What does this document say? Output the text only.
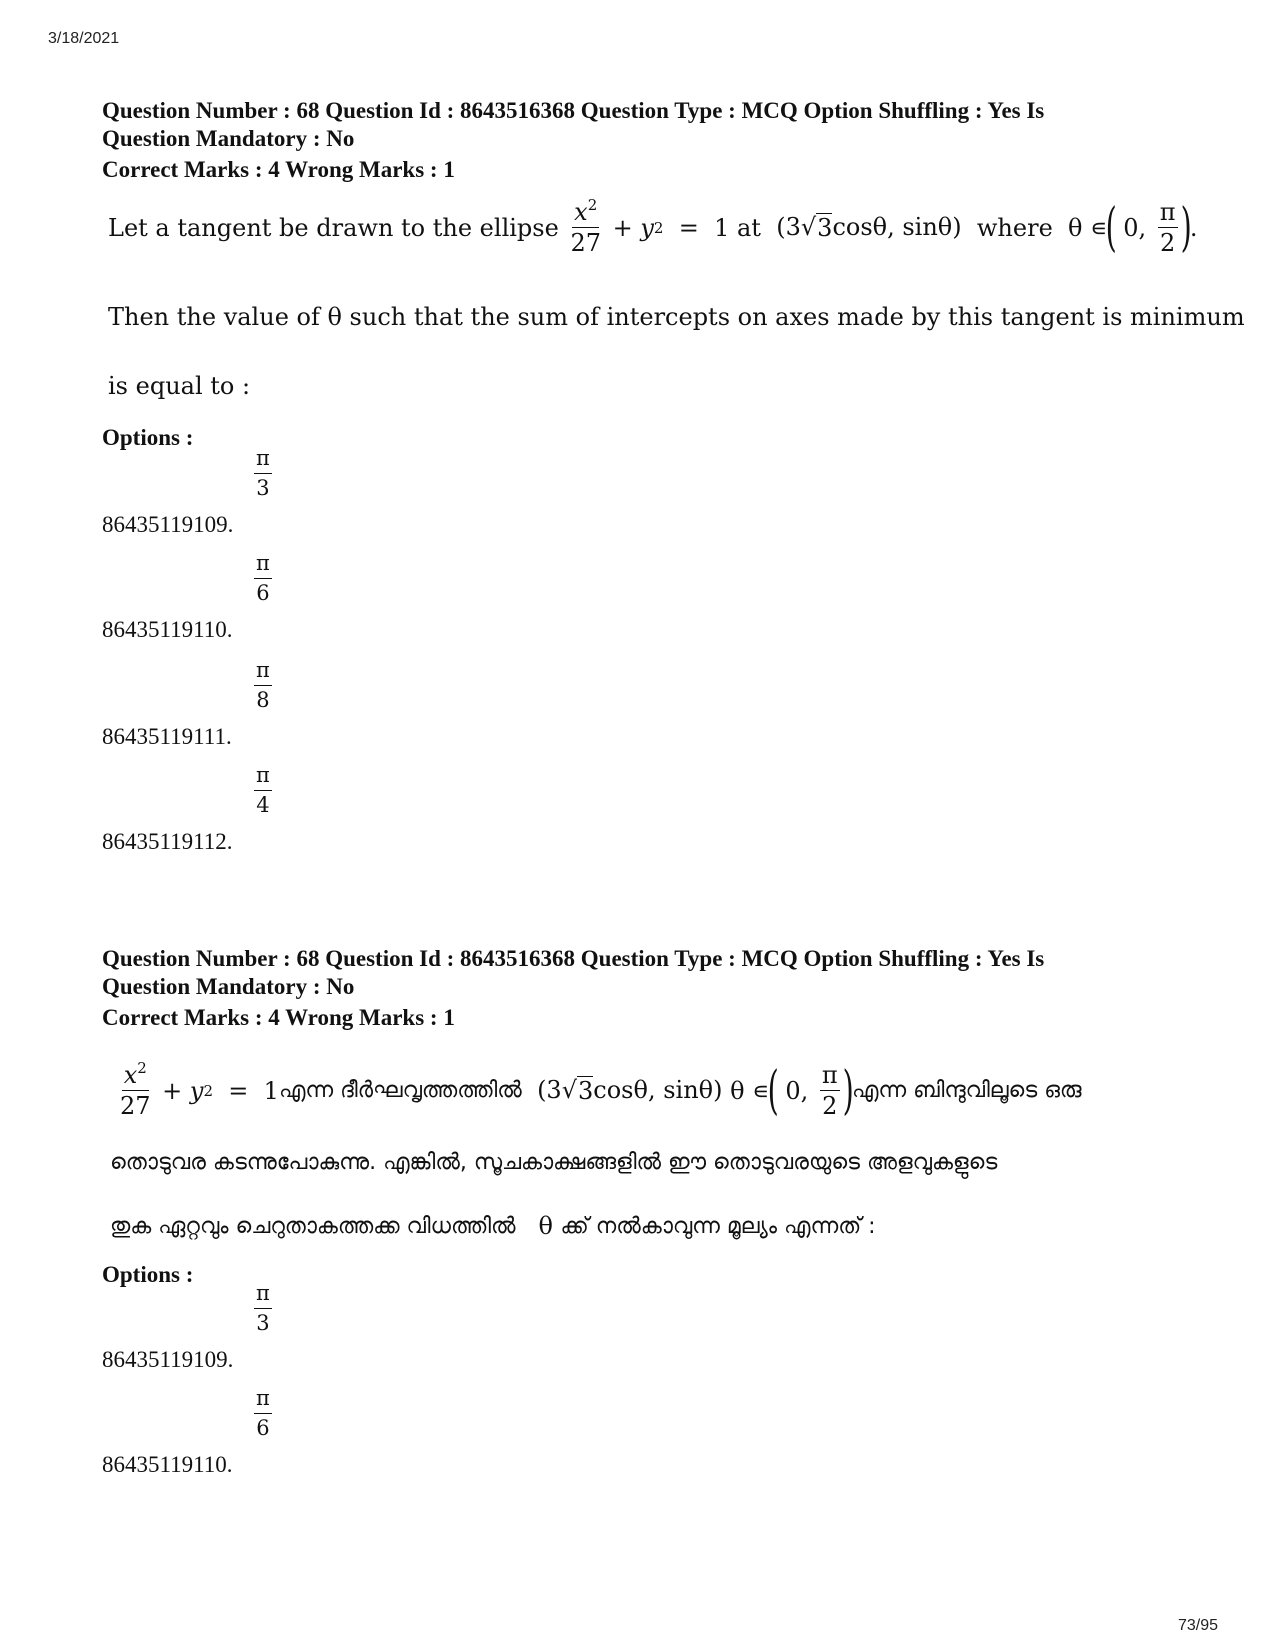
3/18/2021
Question Number : 68 Question Id : 8643516368 Question Type : MCQ Option Shuffling : Yes Is
Question Mandatory : No
Correct Marks : 4 Wrong Marks : 1
Let a tangent be drawn to the ellipse
$\frac{x^2}{27} + y$ 2 =  1 at
(3√ 3 cosθ, sinθ)
where θ ∊
(
0, $\frac{\pi}{2}$ )
.
Then the value of θ such that the sum of intercepts on axes made by this tangent is minimum
is equal to :
Options :
$\frac{\pi}{3}$
86435119109.
$\frac{\pi}{6}$
86435119110.
$\frac{\pi}{8}$
86435119111.
$\frac{\pi}{4}$
86435119112.
Question Number : 68 Question Id : 8643516368 Question Type : MCQ Option Shuffling : Yes Is
Question Mandatory : No
Correct Marks : 4 Wrong Marks : 1
$\frac{x^2}{27} + y$ 2 =  1 എന്ന ദീർഘവൃത്തത്തിൽ
(3√ 3 cosθ, sinθ) θ ∊
(
0, $\frac{\pi}{2}$ )
എന്ന ബിന്ദുവിലൂടെ ഒരു
തൊടുവര കടന്നുപോകുന്നു. എങ്കിൽ, സൂചകാക്ഷങ്ങളിൽ ഈ തൊടുവരയുടെ അളവുകളുടെ
തുക ഏറ്റവും ചെറുതാകത്തക്ക വിധത്തിൽ θ ക്ക് നൽകാവുന്ന മൂല്യം എന്നത് :
Options :
$\frac{\pi}{3}$
86435119109.
$\frac{\pi}{6}$
86435119110.
73/95
